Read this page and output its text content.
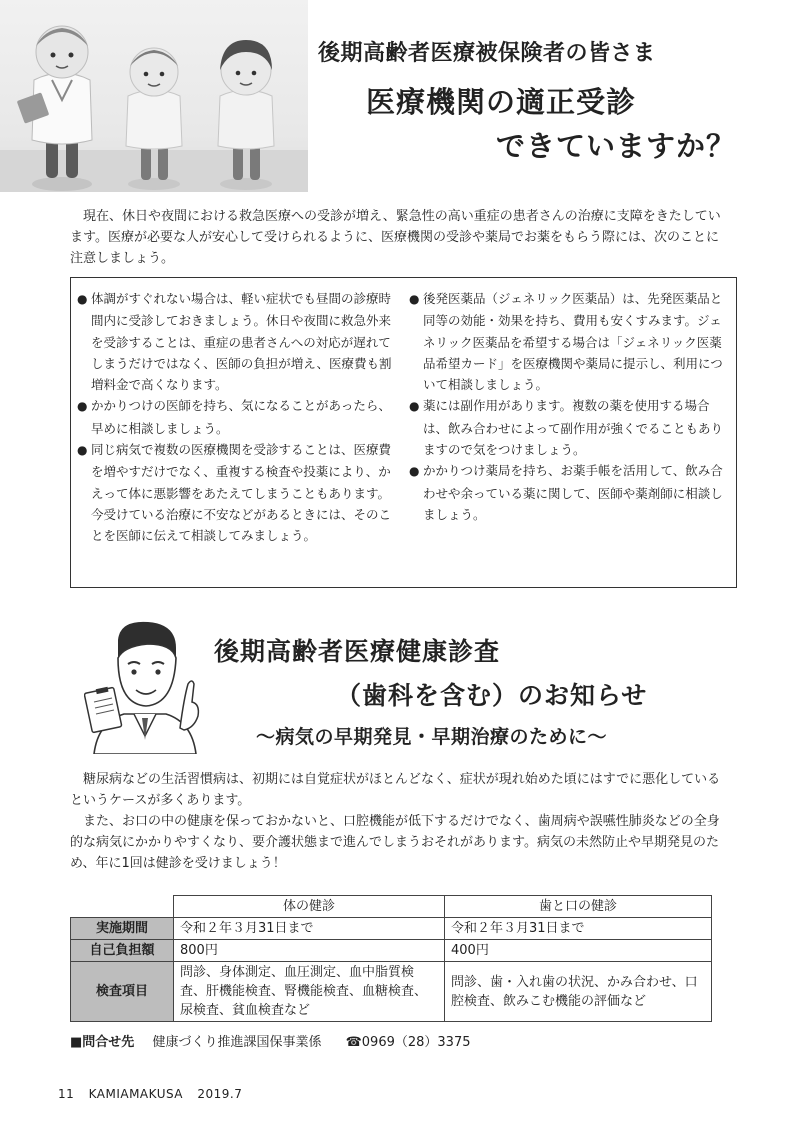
後期高齢者医療被保険者の皆さま
医療機関の適正受診
できていますか？

現在、休日や夜間における救急医療への受診が増え、緊急性の高い重症の患者さんの治療に支障をきたしています。医療が必要な人が安心して受けられるように、医療機関の受診や薬局でお薬をもらう際には、次のことに注意しましょう。

● 体調がすぐれない場合は、軽い症状でも昼間の診療時間内に受診しておきましょう。休日や夜間に救急外来を受診することは、重症の患者さんへの対応が遅れてしまうだけではなく、医師の負担が増え、医療費も割増料金で高くなります。
● かかりつけの医師を持ち、気になることがあったら、早めに相談しましょう。
● 同じ病気で複数の医療機関を受診することは、医療費を増やすだけでなく、重複する検査や投薬により、かえって体に悪影響をあたえてしまうこともあります。今受けている治療に不安などがあるときには、そのことを医師に伝えて相談してみましょう。
● 後発医薬品（ジェネリック医薬品）は、先発医薬品と同等の効能・効果を持ち、費用も安くすみます。ジェネリック医薬品を希望する場合は「ジェネリック医薬品希望カード」を医療機関や薬局に提示し、利用について相談しましょう。
● 薬には副作用があります。複数の薬を使用する場合は、飲み合わせによって副作用が強くでることもありますので気をつけましょう。
● かかりつけ薬局を持ち、お薬手帳を活用して、飲み合わせや余っている薬に関して、医師や薬剤師に相談しましょう。
後期高齢者医療健康診査
（歯科を含む）のお知らせ
〜病気の早期発見・早期治療のために〜

糖尿病などの生活習慣病は、初期には自覚症状がほとんどなく、症状が現れ始めた頃にはすでに悪化しているというケースが多くあります。

また、お口の中の健康を保っておかないと、口腔機能が低下するだけでなく、歯周病や誤嚥性肺炎などの全身的な病気にかかりやすくなり、要介護状態まで進んでしまうおそれがあります。病気の未然防止や早期発見のため、年に1回は健診を受けましょう！

	体の健診	歯と口の健診
実施期間	令和２年３月31日まで	令和２年３月31日まで
自己負担額	800円	400円
検査項目	問診、身体測定、血圧測定、血中脂質検査、肝機能検査、腎機能検査、血糖検査、尿検査、貧血検査など	問診、歯・入れ歯の状況、かみ合わせ、口腔検査、飲みこむ機能の評価など
■問合せ先 健康づくり推進課国保事業係 ☎0969（28）3375
11 KAMIAMAKUSA 2019.7
